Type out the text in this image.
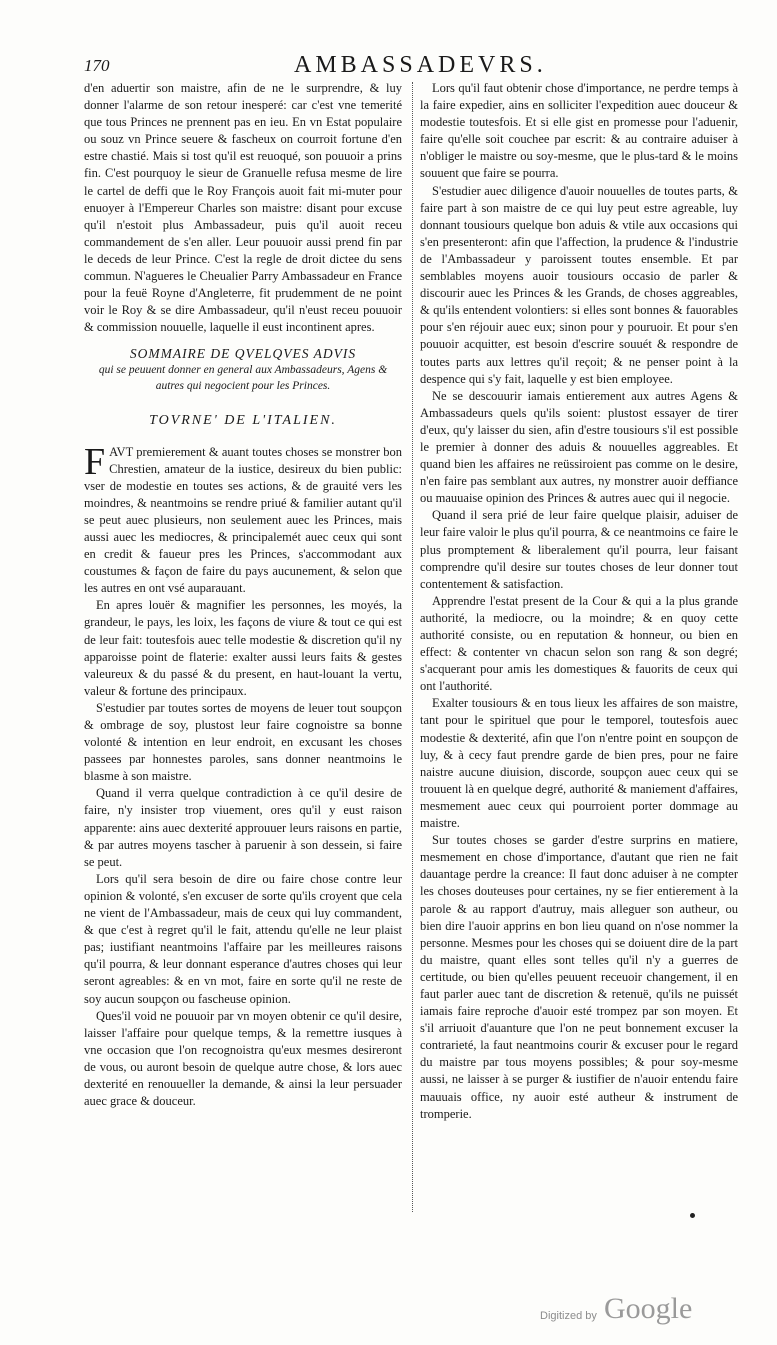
170	AMBASSADEVRS.

d'en aduertir son maistre, afin de ne le surprendre, & luy donner l'alarme de son retour inesperé: car c'est vne temerité que tous Princes ne prennent pas en ieu. En vn Estat populaire ou souz vn Prince seuere & fascheux on courroit fortune d'en estre chastié. Mais si tost qu'il est reuoqué, son pouuoir a prins fin. C'est pourquoy le sieur de Granuelle refusa mesme de lire le cartel de deffi que le Roy François auoit fait mi-muter pour enuoyer à l'Empereur Charles son maistre: disant pour excuse qu'il n'estoit plus Ambassadeur, puis qu'il auoit receu commandement de s'en aller. Leur pouuoir aussi prend fin par le deceds de leur Prince. C'est la regle de droit dictee du sens commun. N'agueres le Cheualier Parry Ambassadeur en France pour la feuë Royne d'Angleterre, fit prudemment de ne point voir le Roy & se dire Ambassadeur, qu'il n'eust receu pouuoir & commission nouuelle, laquelle il eust incontinent apres.

SOMMAIRE DE QVELQVES ADVIS
qui se peuuent donner en general aux Ambassadeurs, Agens & autres qui negocient pour les Princes.
TOVRNE' DE L'ITALIEN.

FAVT premierement & auant toutes choses se monstrer bon Chrestien, amateur de la iustice, desireux du bien public: vser de modestie en toutes ses actions, & de grauité vers les moindres, & neantmoins se rendre priué & familier autant qu'il se peut auec plusieurs, non seulement auec les Princes, mais aussi auec les mediocres, & principalemét auec ceux qui sont en credit & faueur pres les Princes, s'accommodant aux coustumes & façon de faire du pays aucunement, & selon que les autres en ont vsé auparauant.

En apres louër & magnifier les personnes, les moyés, la grandeur, le pays, les loix, les façons de viure & tout ce qui est de leur fait: toutesfois auec telle modestie & discretion qu'il ny apparoisse point de flaterie: exalter aussi leurs faits & gestes valeureux & du passé & du present, en haut-louant la vertu, valeur & fortune des principaux.

S'estudier par toutes sortes de moyens de leuer tout soupçon & ombrage de soy, plustost leur faire cognoistre sa bonne volonté & intention en leur endroit, en excusant les choses passees par honnestes paroles, sans donner neantmoins le blasme à son maistre.

Quand il verra quelque contradiction à ce qu'il desire de faire, n'y insister trop viuement, ores qu'il y eust raison apparente: ains auec dexterité approuuer leurs raisons en partie, & par autres moyens tascher à paruenir à son dessein, si faire se peut.

Lors qu'il sera besoin de dire ou faire chose contre leur opinion & volonté, s'en excuser de sorte qu'ils croyent que cela ne vient de l'Ambassadeur, mais de ceux qui luy commandent, & que c'est à regret qu'il le fait, attendu qu'elle ne leur plaist pas; iustifiant neantmoins l'affaire par les meilleures raisons qu'il pourra, & leur donnant esperance d'autres choses qui leur seront agreables: & en vn mot, faire en sorte qu'il ne reste de soy aucun soupçon ou fascheuse opinion.

Ques'il void ne pouuoir par vn moyen obtenir ce qu'il desire, laisser l'affaire pour quelque temps, & la remettre iusques à vne occasion que l'on recognoistra qu'eux mesmes desireront de vous, ou auront besoin de quelque autre chose, & lors auec dexterité en renouueller la demande, & ainsi la leur persuader auec grace & douceur.

Lors qu'il faut obtenir chose d'importance, ne perdre temps à la faire expedier, ains en solliciter l'expedition auec douceur & modestie toutesfois. Et si elle gist en promesse pour l'aduenir, faire qu'elle soit couchee par escrit: & au contraire aduiser à n'obliger le maistre ou soy-mesme, que le plus-tard & le moins souuent que faire se pourra.

S'estudier auec diligence d'auoir nouuelles de toutes parts, & faire part à son maistre de ce qui luy peut estre agreable, luy donnant tousiours quelque bon aduis & vtile aux occasions qui s'en presenteront: afin que l'affection, la prudence & l'industrie de l'Ambassadeur y paroissent toutes ensemble. Et par semblables moyens auoir tousiours occasio de parler & discourir auec les Princes & les Grands, de choses aggreables, & qu'ils entendent volontiers: si elles sont bonnes & fauorables pour s'en réjouir auec eux; sinon pour y pouruoir. Et pour s'en pouuoir acquitter, est besoin d'escrire souuét & respondre de toutes parts aux lettres qu'il reçoit; & ne penser point à la despence qui s'y fait, laquelle y est bien employee.

Ne se descouurir iamais entierement aux autres Agens & Ambassadeurs quels qu'ils soient: plustost essayer de tirer d'eux, qu'y laisser du sien, afin d'estre tousiours s'il est possible le premier à donner des aduis & nouuelles aggreables. Et quand bien les affaires ne reüssiroient pas comme on le desire, n'en faire pas semblant aux autres, ny monstrer auoir deffiance ou mauuaise opinion des Princes & autres auec qui il negocie.

Quand il sera prié de leur faire quelque plaisir, aduiser de leur faire valoir le plus qu'il pourra, & ce neantmoins ce faire le plus promptement & liberalement qu'il pourra, leur faisant comprendre qu'il desire sur toutes choses de leur donner tout contentement & satisfaction.

Apprendre l'estat present de la Cour & qui a la plus grande authorité, la mediocre, ou la moindre; & en quoy cette authorité consiste, ou en reputation & honneur, ou bien en effect: & contenter vn chacun selon son rang & son degré; s'acquerant pour amis les domestiques & fauorits de ceux qui ont l'authorité.

Exalter tousiours & en tous lieux les affaires de son maistre, tant pour le spirituel que pour le temporel, toutesfois auec modestie & dexterité, afin que l'on n'entre point en soupçon de luy, & à cecy faut prendre garde de bien pres, pour ne faire naistre aucune diuision, discorde, soupçon auec ceux qui se trouuent là en quelque degré, authorité & maniement d'affaires, mesmement auec ceux qui pourroient porter dommage au maistre.

Sur toutes choses se garder d'estre surprins en matiere, mesmement en chose d'importance, d'autant que rien ne fait dauantage perdre la creance: Il faut donc aduiser à ne compter les choses douteuses pour certaines, ny se fier entierement à la parole & au rapport d'autruy, mais alleguer son autheur, ou bien dire l'auoir apprins en bon lieu quand on n'ose nommer la personne. Mesmes pour les choses qui se doiuent dire de la part du maistre, quant elles sont telles qu'il n'y a guerres de certitude, ou bien qu'elles peuuent receuoir changement, il en faut parler auec tant de discretion & retenuë, qu'ils ne puissét iamais faire reproche d'auoir esté trompez par son moyen. Et s'il arriuoit d'auanture que l'on ne peut bonnement excuser la contrarieté, la faut neantmoins courir & excuser pour le regard du maistre par tous moyens possibles; & pour soy-mesme aussi, ne laisser à se purger & iustifier de n'auoir entendu faire mauuais office, ny auoir esté autheur & instrument de tromperie.

Digitized by Google
